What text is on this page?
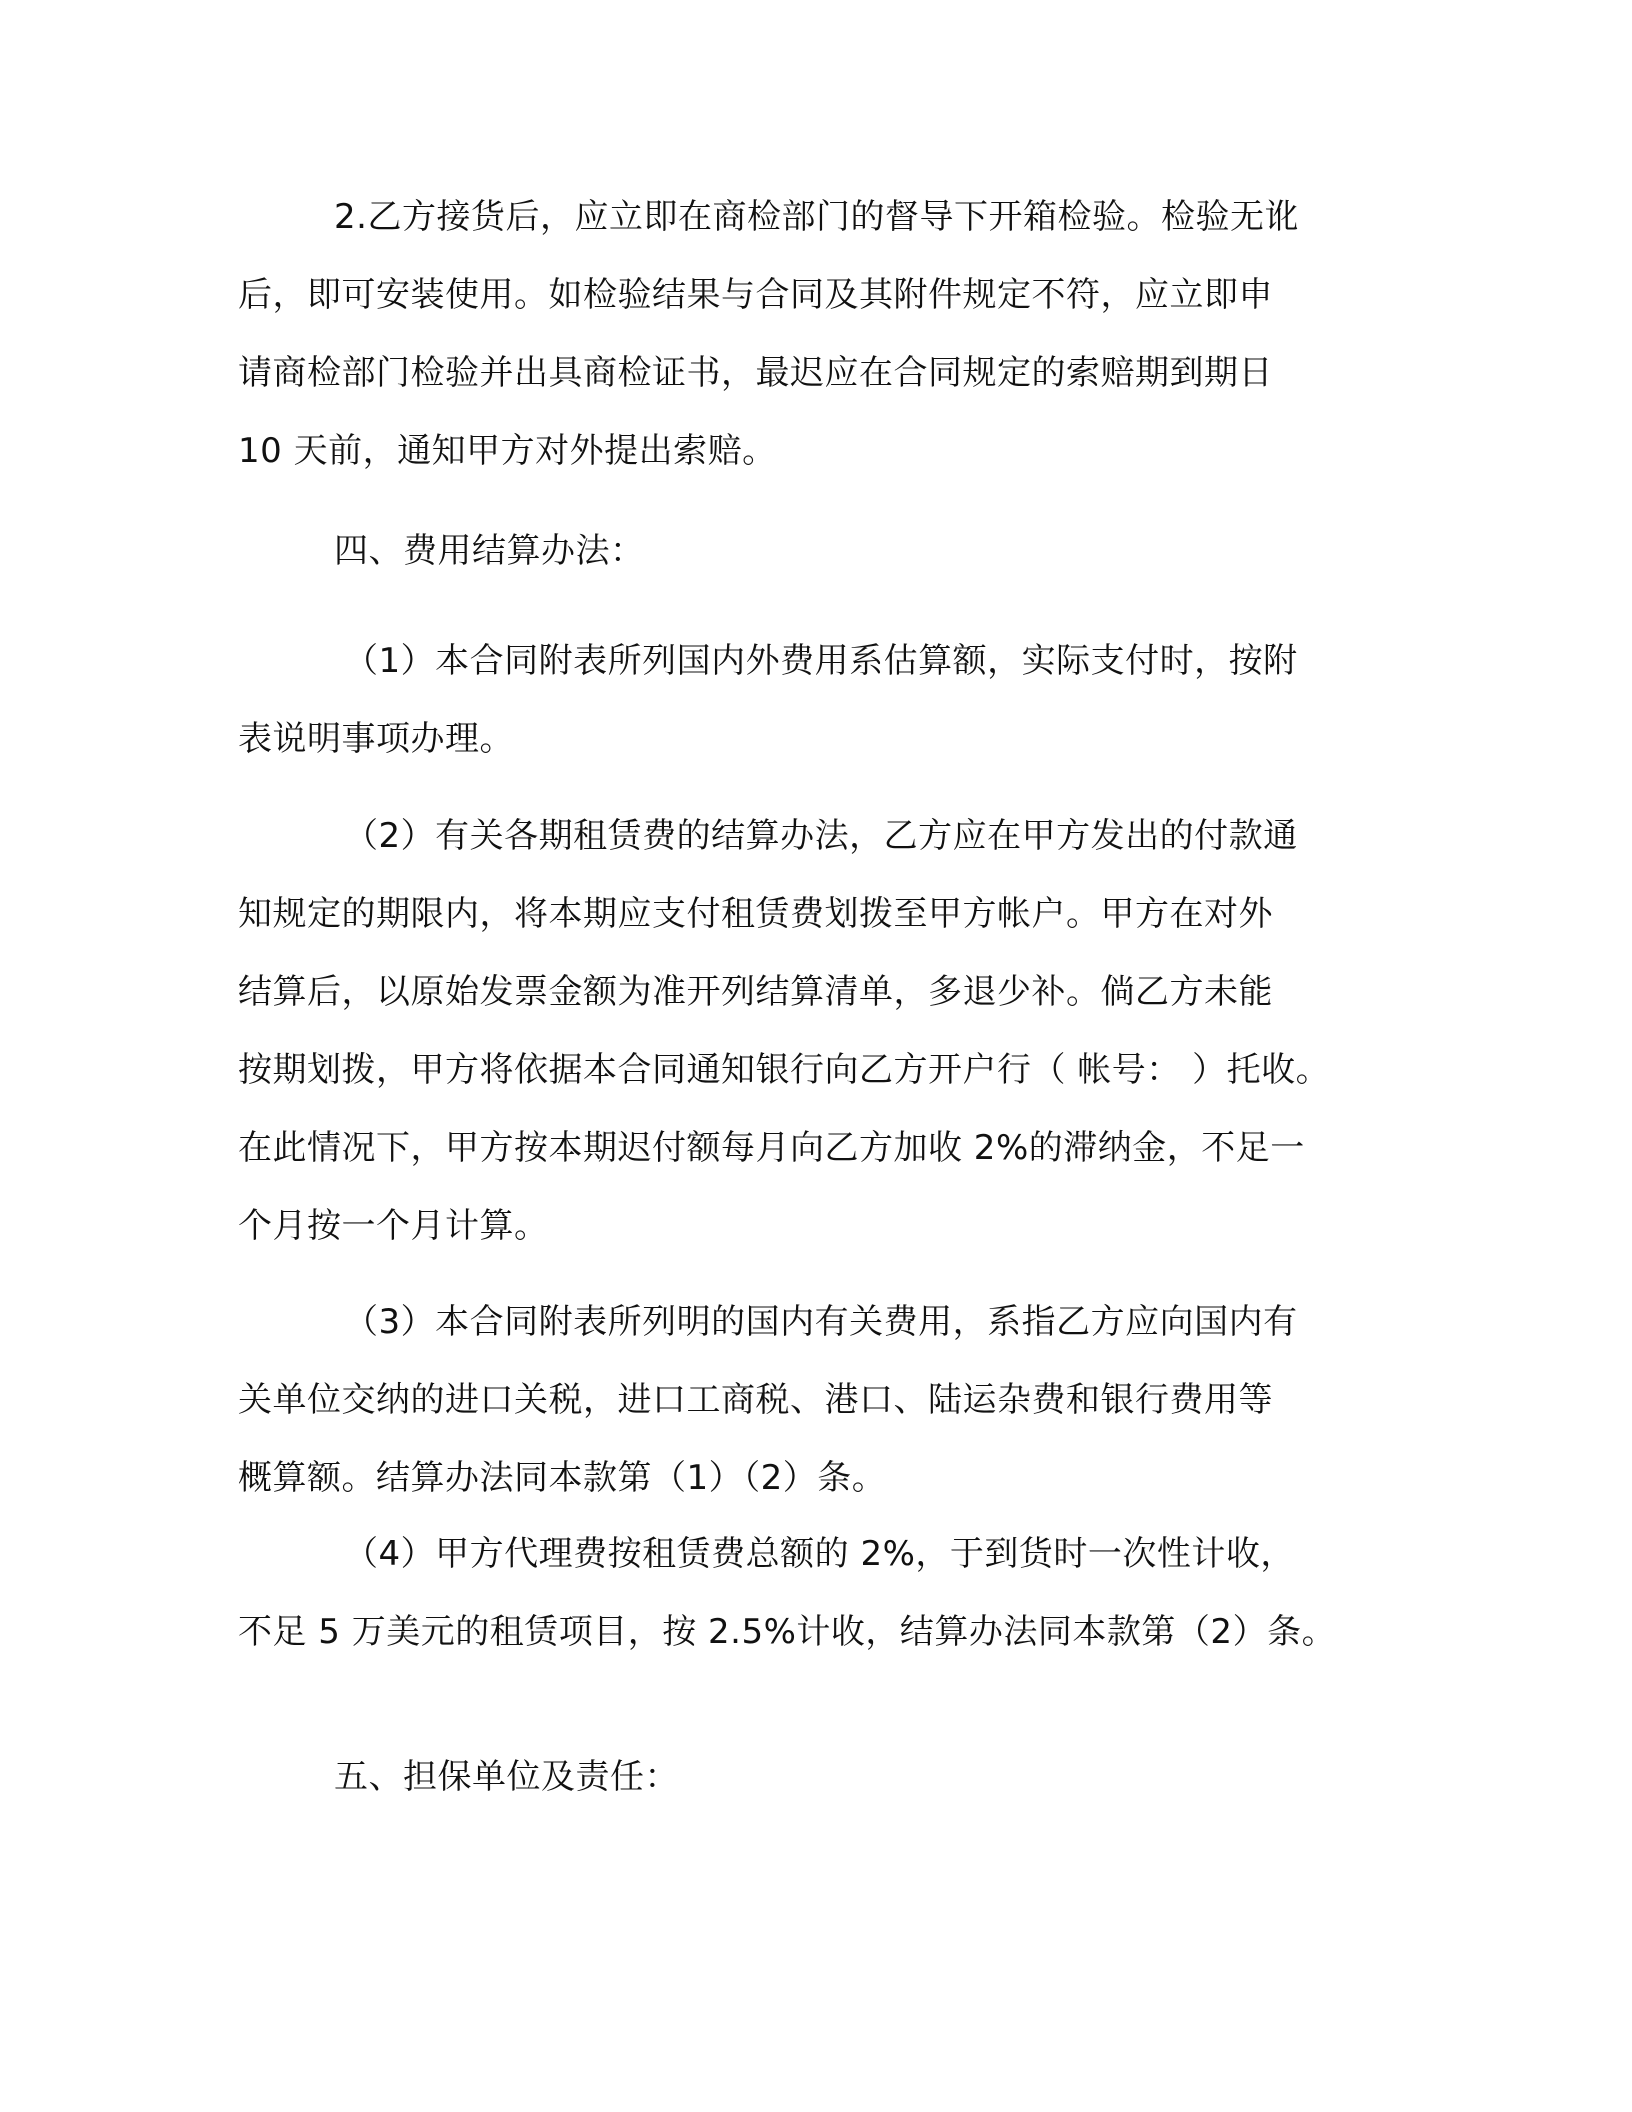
2.乙方接货后，应立即在商检部门的督导下开箱检验。检验无讹
后，即可安装使用。如检验结果与合同及其附件规定不符，应立即申
请商检部门检验并出具商检证书，最迟应在合同规定的索赔期到期日
10 天前，通知甲方对外提出索赔。
四、费用结算办法：
（1）本合同附表所列国内外费用系估算额，实际支付时，按附
表说明事项办理。
（2）有关各期租赁费的结算办法，乙方应在甲方发出的付款通
知规定的期限内，将本期应支付租赁费划拨至甲方帐户。甲方在对外
结算后，以原始发票金额为准开列结算清单，多退少补。倘乙方未能
按期划拨，甲方将依据本合同通知银行向乙方开户行（ 帐号： ）托收。
在此情况下，甲方按本期迟付额每月向乙方加收 2%的滞纳金，不足一
个月按一个月计算。
（3）本合同附表所列明的国内有关费用，系指乙方应向国内有
关单位交纳的进口关税，进口工商税、港口、陆运杂费和银行费用等
概算额。结算办法同本款第（1）（2）条。
（4）甲方代理费按租赁费总额的 2%，于到货时一次性计收，
不足 5 万美元的租赁项目，按 2.5%计收，结算办法同本款第（2）条。
五、担保单位及责任：
